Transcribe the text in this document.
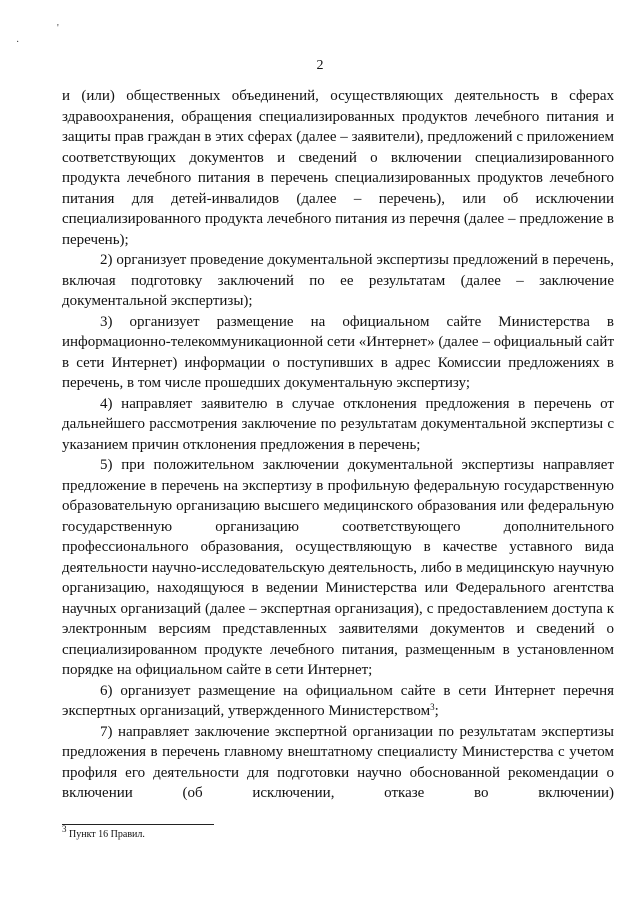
'
·
2

и (или) общественных объединений, осуществляющих деятельность в сферах здравоохранения, обращения специализированных продуктов лечебного питания и защиты прав граждан в этих сферах (далее – заявители), предложений с приложением соответствующих документов и сведений о включении специализированного продукта лечебного питания в перечень специализированных продуктов лечебного питания для детей-инвалидов (далее – перечень), или об исключении специализированного продукта лечебного питания из перечня (далее – предложение в перечень);

2) организует проведение документальной экспертизы предложений в перечень, включая подготовку заключений по ее результатам (далее – заключение документальной экспертизы);

3) организует размещение на официальном сайте Министерства в информационно-телекоммуникационной сети «Интернет» (далее – официальный сайт в сети Интернет) информации о поступивших в адрес Комиссии предложениях в перечень, в том числе прошедших документальную экспертизу;

4) направляет заявителю в случае отклонения предложения в перечень от дальнейшего рассмотрения заключение по результатам документальной экспертизы с указанием причин отклонения предложения в перечень;

5) при положительном заключении документальной экспертизы направляет предложение в перечень на экспертизу в профильную федеральную государственную образовательную организацию высшего медицинского образования или федеральную государственную организацию соответствующего дополнительного профессионального образования, осуществляющую в качестве уставного вида деятельности научно-исследовательскую деятельность, либо в медицинскую научную организацию, находящуюся в ведении Министерства или Федерального агентства научных организаций (далее – экспертная организация), с предоставлением доступа к электронным версиям представленных заявителями документов и сведений о специализированном продукте лечебного питания, размещенным в установленном порядке на официальном сайте в сети Интернет;

6) организует размещение на официальном сайте в сети Интернет перечня экспертных организаций, утвержденного Министерством$^3$;

7) направляет заключение экспертной организации по результатам экспертизы предложения в перечень главному внештатному специалисту Министерства с учетом профиля его деятельности для подготовки научно обоснованной рекомендации о включении (об исключении, отказе во включении)

$^3$ Пункт 16 Правил.
